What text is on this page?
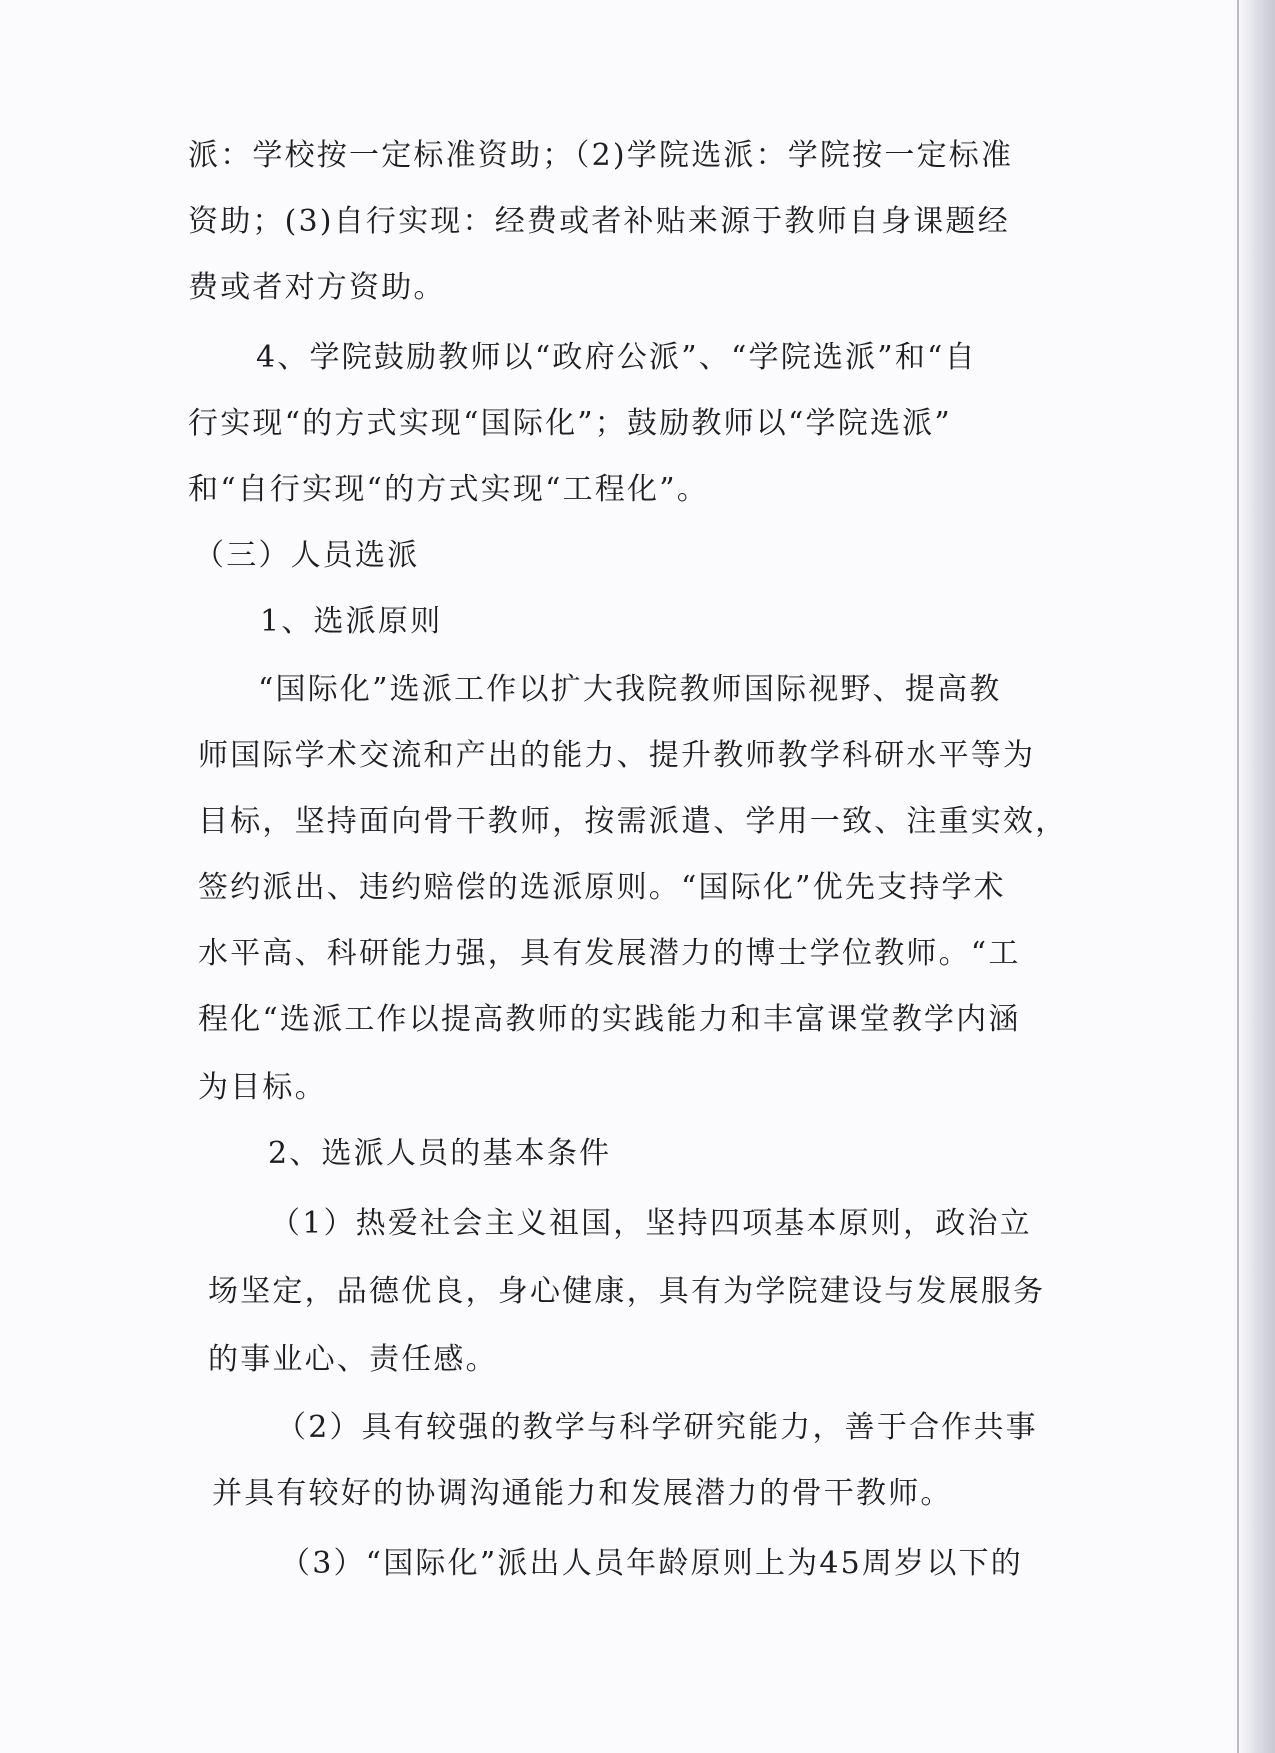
派：学校按一定标准资助；（2)学院选派：学院按一定标准
资助；(3)自行实现：经费或者补贴来源于教师自身课题经
费或者对方资助。
4、学院鼓励教师以“政府公派”、“学院选派”和“自
行实现“的方式实现“国际化”；鼓励教师以“学院选派”
和“自行实现“的方式实现“工程化”。
（三）人员选派
1、选派原则
“国际化”选派工作以扩大我院教师国际视野、提高教
师国际学术交流和产出的能力、提升教师教学科研水平等为
目标，坚持面向骨干教师，按需派遣、学用一致、注重实效，
签约派出、违约赔偿的选派原则。“国际化”优先支持学术
水平高、科研能力强，具有发展潜力的博士学位教师。“工
程化“选派工作以提高教师的实践能力和丰富课堂教学内涵
为目标。
2、选派人员的基本条件
（1）热爱社会主义祖国，坚持四项基本原则，政治立
场坚定，品德优良，身心健康，具有为学院建设与发展服务
的事业心、责任感。
（2）具有较强的教学与科学研究能力，善于合作共事
并具有较好的协调沟通能力和发展潜力的骨干教师。
（3）“国际化”派出人员年龄原则上为45周岁以下的
